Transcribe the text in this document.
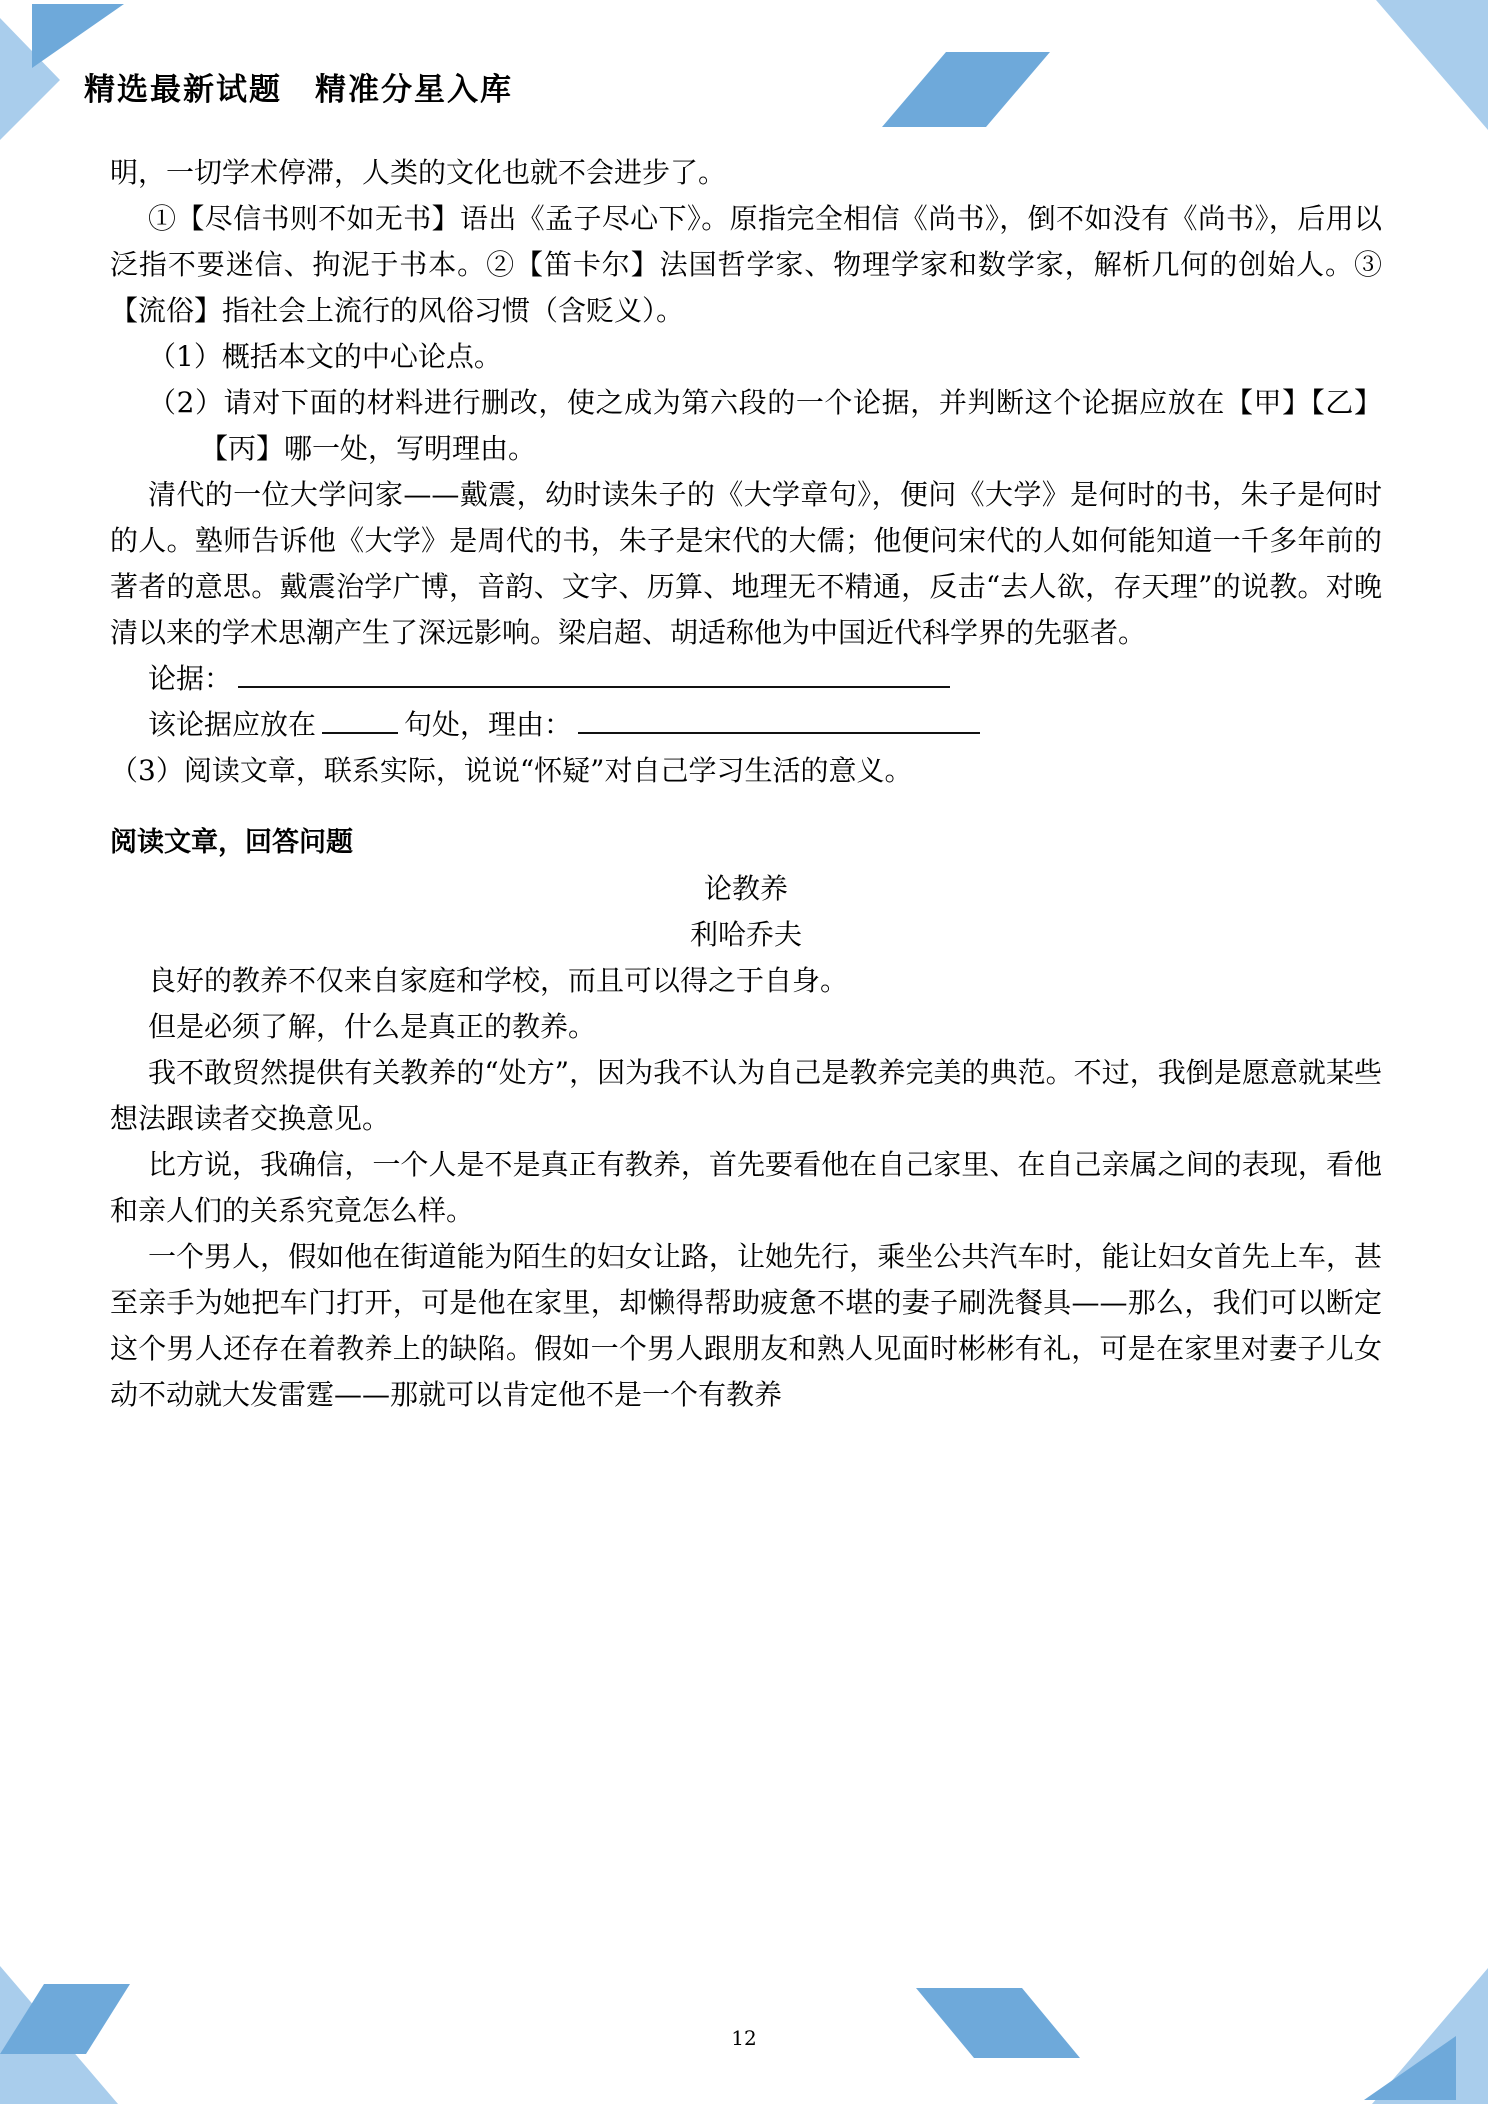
精选最新试题　精准分星入库

明，一切学术停滞，人类的文化也就不会进步了。

①【尽信书则不如无书】语出《孟子尽心下》。原指完全相信《尚书》，倒不如没有《尚书》，后用以泛指不要迷信、拘泥于书本。②【笛卡尔】法国哲学家、物理学家和数学家，解析几何的创始人。③【流俗】指社会上流行的风俗习惯（含贬义）。

（1）概括本文的中心论点。

（2）请对下面的材料进行删改，使之成为第六段的一个论据，并判断这个论据应放在【甲】【乙】【丙】哪一处，写明理由。

清代的一位大学问家——戴震，幼时读朱子的《大学章句》，便问《大学》是何时的书，朱子是何时的人。塾师告诉他《大学》是周代的书，朱子是宋代的大儒；他便问宋代的人如何能知道一千多年前的著者的意思。戴震治学广博，音韵、文字、历算、地理无不精通，反击“去人欲，存天理”的说教。对晚清以来的学术思潮产生了深远影响。梁启超、胡适称他为中国近代科学界的先驱者。

论据：

该论据应放在	句处，理由：

（3）阅读文章，联系实际，说说“怀疑”对自己学习生活的意义。

阅读文章，回答问题

论教养

利哈乔夫

良好的教养不仅来自家庭和学校，而且可以得之于自身。

但是必须了解，什么是真正的教养。

我不敢贸然提供有关教养的“处方”，因为我不认为自己是教养完美的典范。不过，我倒是愿意就某些想法跟读者交换意见。

比方说，我确信，一个人是不是真正有教养，首先要看他在自己家里、在自己亲属之间的表现，看他和亲人们的关系究竟怎么样。

一个男人，假如他在街道能为陌生的妇女让路，让她先行，乘坐公共汽车时，能让妇女首先上车，甚至亲手为她把车门打开，可是他在家里，却懒得帮助疲惫不堪的妻子刷洗餐具——那么，我们可以断定这个男人还存在着教养上的缺陷。假如一个男人跟朋友和熟人见面时彬彬有礼，可是在家里对妻子儿女动不动就大发雷霆——那就可以肯定他不是一个有教养

12
